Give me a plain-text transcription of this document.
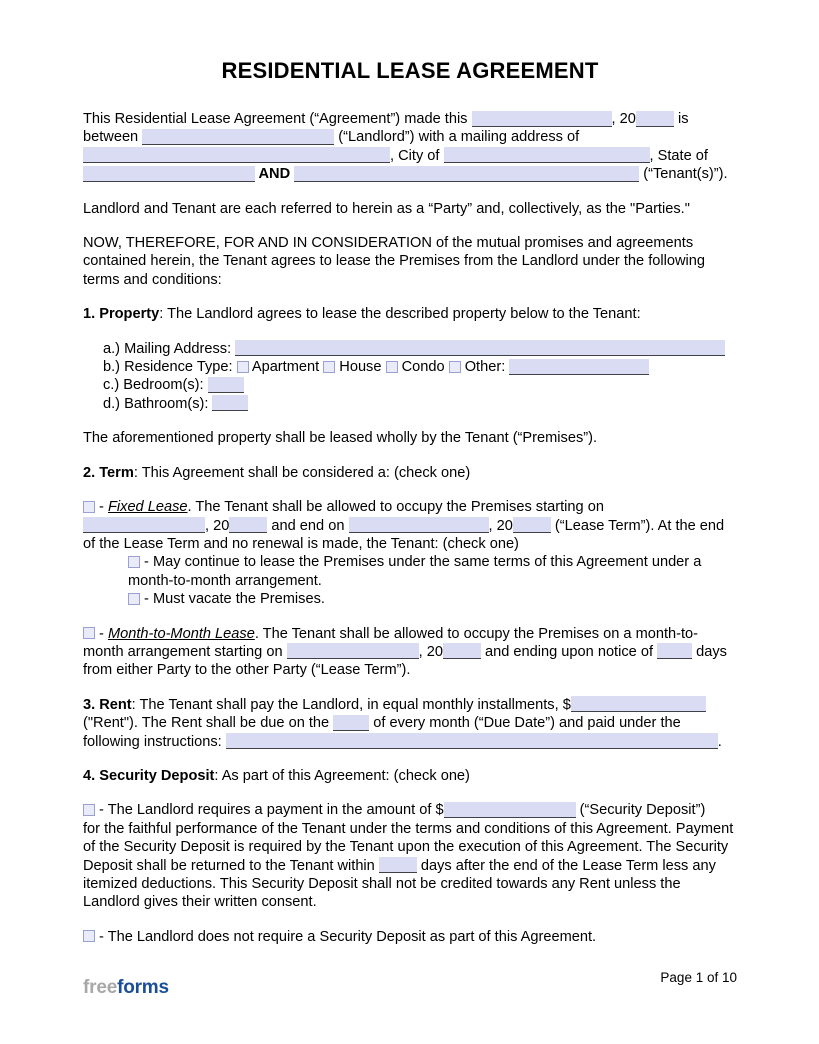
RESIDENTIAL LEASE AGREEMENT
This Residential Lease Agreement (“Agreement”) made this	, 20	is
between	(“Landlord”) with a mailing address of
, City of	, State of
AND	(“Tenant(s)”).
Landlord and Tenant are each referred to herein as a “Party” and, collectively, as the "Parties."
NOW, THEREFORE, FOR AND IN CONSIDERATION of the mutual promises and agreements contained herein, the Tenant agrees to lease the Premises from the Landlord under the following terms and conditions:
1. Property: The Landlord agrees to lease the described property below to the Tenant:
a.) Mailing Address:
b.) Residence Type:  Apartment  House  Condo  Other:
c.) Bedroom(s):
d.) Bathroom(s):
The aforementioned property shall be leased wholly by the Tenant (“Premises”).
2. Term: This Agreement shall be considered a: (check one)
- Fixed Lease. The Tenant shall be allowed to occupy the Premises starting on
, 20	and end on	, 20	(“Lease Term”). At the end
of the Lease Term and no renewal is made, the Tenant: (check one)
- May continue to lease the Premises under the same terms of this Agreement under a month-to-month arrangement.
- Must vacate the Premises.
- Month-to-Month Lease. The Tenant shall be allowed to occupy the Premises on a month-to-
month arrangement starting on	, 20	and ending upon notice of  days
from either Party to the other Party (“Lease Term”).
3. Rent: The Tenant shall pay the Landlord, in equal monthly installments, $
("Rent"). The Rent shall be due on the  of every month (“Due Date”) and paid under the
following instructions:	.
4. Security Deposit: As part of this Agreement: (check one)
- The Landlord requires a payment in the amount of $	(“Security Deposit”)
for the faithful performance of the Tenant under the terms and conditions of this Agreement. Payment of the Security Deposit is required by the Tenant upon the execution of this Agreement. The Security Deposit shall be returned to the Tenant within	days after the end of the Lease Term less any itemized deductions. This Security Deposit shall not be credited towards any Rent unless the Landlord gives their written consent.
- The Landlord does not require a Security Deposit as part of this Agreement.
freeforms	Page 1 of 10
